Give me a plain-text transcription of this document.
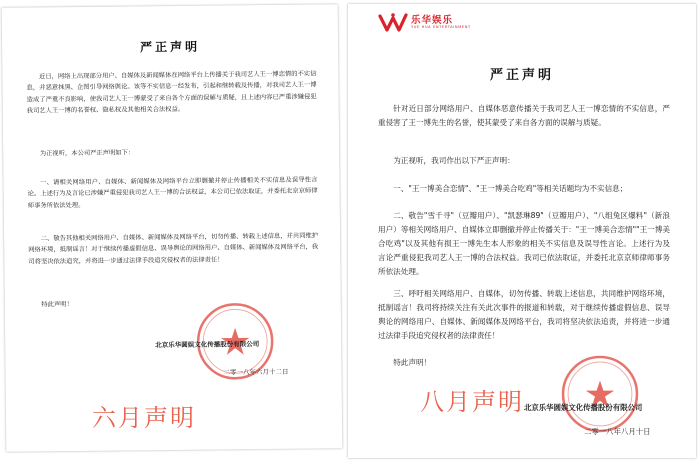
严正声明

近日，网络上出现部分用户、自媒体及新闻媒体在网络平台上传播关于我司艺人王一博恋情的不实信息，并恶意抹黑、企图引导网络舆论。该等不实信息一经发布，引起和继转载及传播，对我司艺人王一博造成了严重不良影响，使我司艺人王一博蒙受了来自各个方面的误解与质疑，且上述内容已严重涉嫌侵犯我司艺人王一博的名誉权、隐私权及其他相关合法权益。

为正视听，本公司严正声明如下：

一、请相关网络用户、自媒体、新闻媒体及网络平台立即删撤并停止传播相关不实信息及误导性言论。上述行为及言论已涉嫌严重侵犯我司艺人王一博的合法权益，本公司已依法取证，并委托北京京师律师事务所依法处理。

二、敬告其他相关网络用户、自媒体、新闻媒体及网络平台，切勿传播、转载上述信息，并共同维护网络环境，抵制谣言！对于继续传播虚假信息、误导舆论的网络用户、自媒体、新闻媒体及网络平台，我司将坚决依法追究，并将进一步通过法律手段追究侵权者的法律责任！

特此声明！

北京乐华圆娱文化传播股份有限公司
二零一八年六月十二日
乐华娱乐
YUE HUA ENTERTAINMENT
严正声明

针对近日部分网络用户、自媒体恶意传播关于我司艺人王一博恋情的不实信息，严重侵害了王一博先生的名誉，使其蒙受了来自各方面的误解与质疑。

为正视听，我司作出以下严正声明：

一、"王一博美合恋情"、"王一博美合吃鸡"等相关话题均为不实信息；

二、敬告"雪千寻"（豆瓣用户）、"凯瑟琳89"（豆瓣用户）、"八组兔区爆料"（新浪用户）等相关网络用户、自媒体立即删撤并停止传播关于："王一博美合恋情""王一博美合吃鸡"以及其他有损王一博先生本人形象的相关不实信息及误导性言论。上述行为及言论严重侵犯我司艺人王一博的合法权益。我司已依法取证，并委托北京京师律师事务所依法处理。

三、呼吁相关网络用户、自媒体，切勿传播、转载上述信息，共同维护网络环境，抵制谣言！我司将持续关注有关此次事件的报道和转载，对于继续传播虚假信息、误导舆论的网络用户、自媒体、新闻媒体及网络平台，我司将坚决依法追责，并将进一步通过法律手段追究侵权者的法律责任！

特此声明！

北京乐华圆娱文化传播股份有限公司
二零一八年八月十日
六月声明
八月声明
